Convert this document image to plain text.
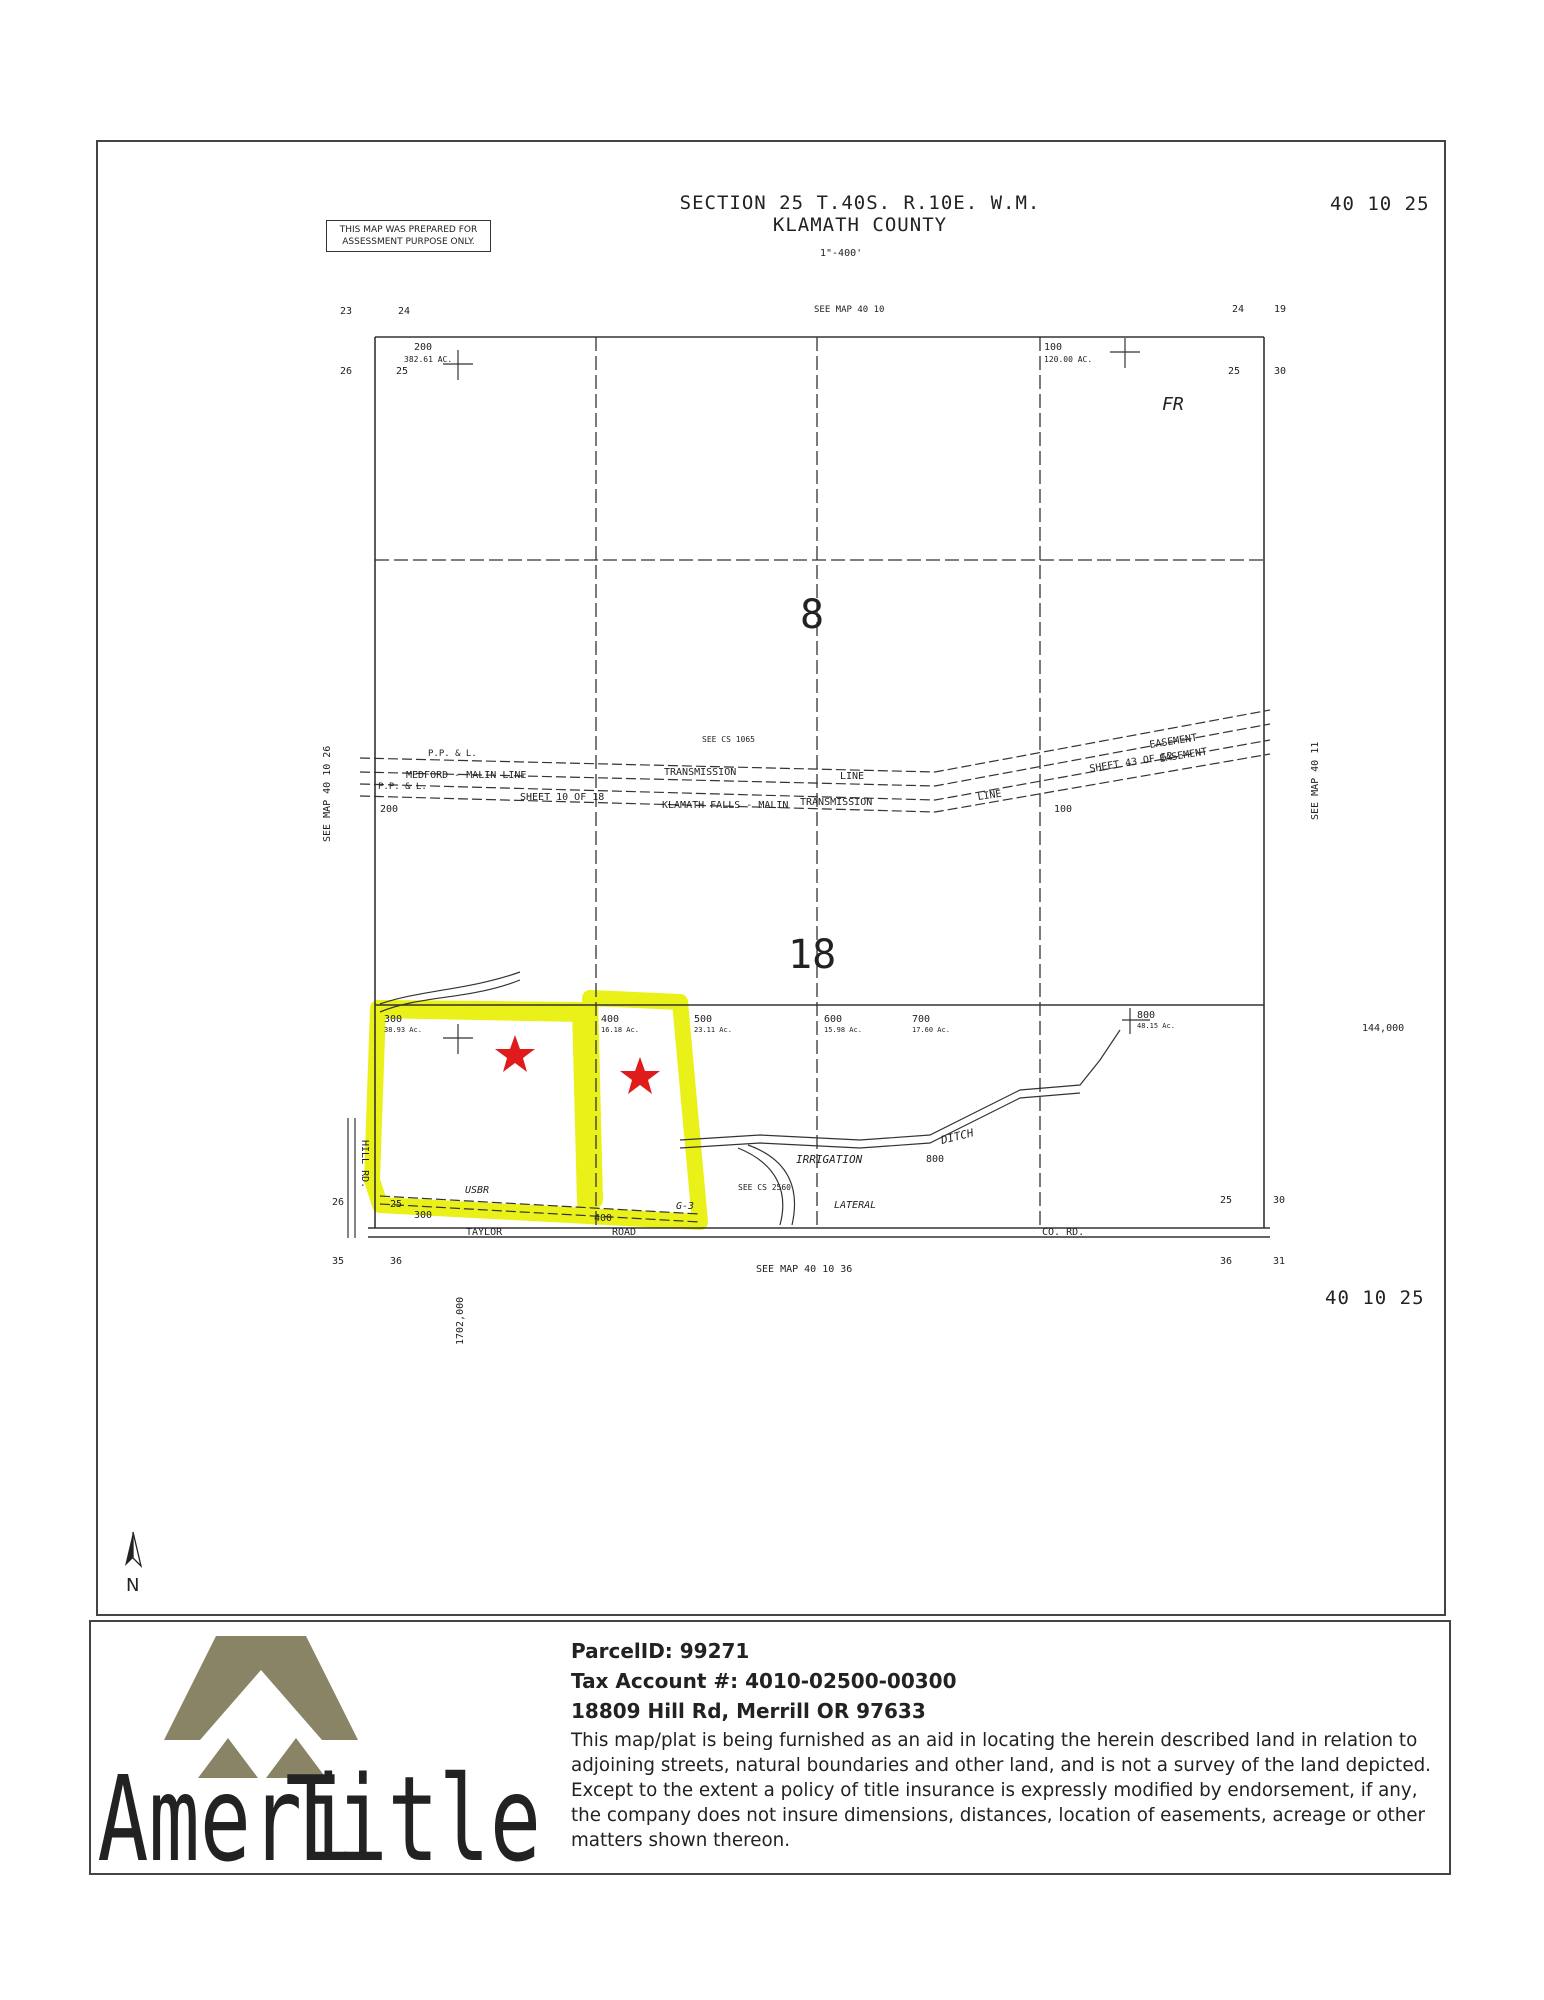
THIS MAP WAS PREPARED FOR ASSESSMENT PURPOSE ONLY.
SECTION 25 T.40S. R.10E. W.M.
KLAMATH COUNTY
1"-400'
40 10 25
40 10 25
SEE MAP 40 10
SEE MAP 40 10 36
SEE MAP 40 10 26	SEE MAP 40 11
23	24
26	25
24	19
25	30
26	25
35	36
25	30
36	31
8
18
FR
SEE CS 1065
SEE CS 2560
144,000
1702,000
200
382.61 AC.
100
120.00 AC.
200	100
300
38.93 Ac.
400
16.18 Ac.
500
23.11 Ac.
600
15.98 Ac.
700
17.60 Ac.
800
48.15 Ac.
800
300	400
P.P. & L.
MEDFORD - MALIN LINE	TRANSMISSION	LINE
LINE
P.P. & L.
SHEET 10 OF 18
KLAMATH FALLS - MALIN TRANSMISSION
EASEMENT
SHEET 43 OF 52
EASEMENT
HILL RD.
TAYLOR	ROAD	CO. RD.
USBR
IRRIGATION
DITCH
LATERAL
G-3
N
Ameri
Title
ParcelID: 99271
Tax Account #: 4010-02500-00300
18809 Hill Rd, Merrill OR 97633
This map/plat is being furnished as an aid in locating the herein described land in relation to adjoining streets, natural boundaries and other land, and is not a survey of the land depicted. Except to the extent a policy of title insurance is expressly modified by endorsement, if any, the company does not insure dimensions, distances, location of easements, acreage or other matters shown thereon.
